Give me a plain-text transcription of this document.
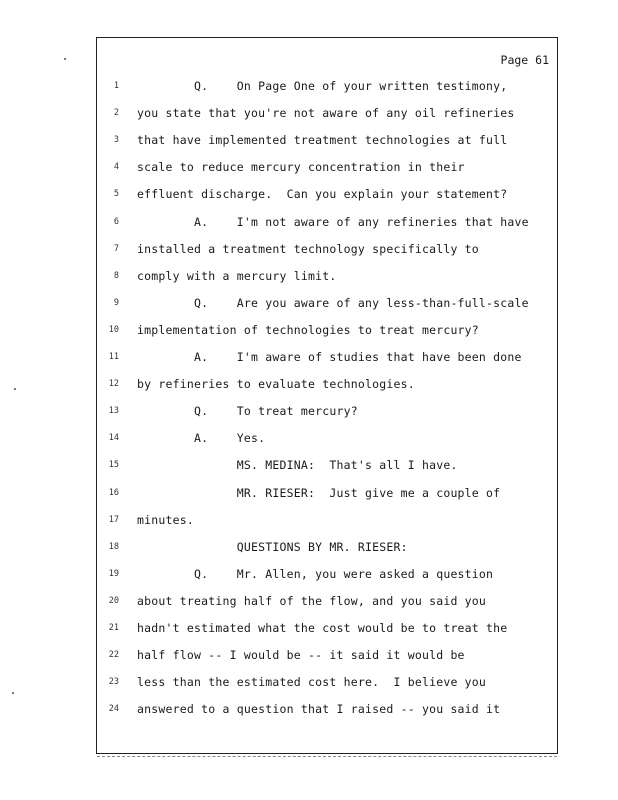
Page 61
1 Q.    On Page One of your written testimony,
2 you state that you're not aware of any oil refineries
3 that have implemented treatment technologies at full
4 scale to reduce mercury concentration in their
5 effluent discharge.  Can you explain your statement?
6 A.    I'm not aware of any refineries that have
7 installed a treatment technology specifically to
8 comply with a mercury limit.
9 Q.    Are you aware of any less-than-full-scale
10 implementation of technologies to treat mercury?
11 A.    I'm aware of studies that have been done
12 by refineries to evaluate technologies.
13 Q.    To treat mercury?
14 A.    Yes.
15 MS. MEDINA:  That's all I have.
16 MR. RIESER:  Just give me a couple of
17 minutes.
18 QUESTIONS BY MR. RIESER:
19 Q.    Mr. Allen, you were asked a question
20 about treating half of the flow, and you said you
21 hadn't estimated what the cost would be to treat the
22 half flow -- I would be -- it said it would be
23 less than the estimated cost here.  I believe you
24 answered to a question that I raised -- you said it
